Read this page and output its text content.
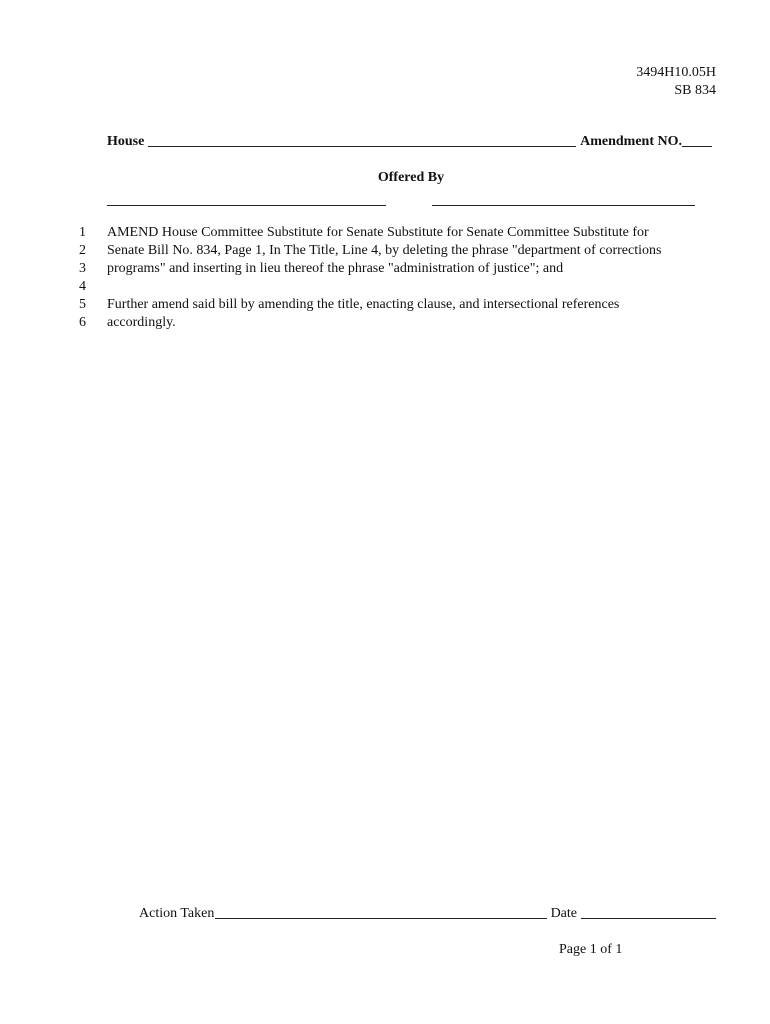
3494H10.05H
SB 834
House	Amendment NO.
Offered By
1
2
3
4
5
6
AMEND House Committee Substitute for Senate Substitute for Senate Committee Substitute for
Senate Bill No. 834, Page 1, In The Title, Line 4, by deleting the phrase "department of corrections
programs" and inserting in lieu thereof the phrase "administration of justice"; and

Further amend said bill by amending the title, enacting clause, and intersectional references
accordingly.
Action Taken	Date
Page 1 of 1
